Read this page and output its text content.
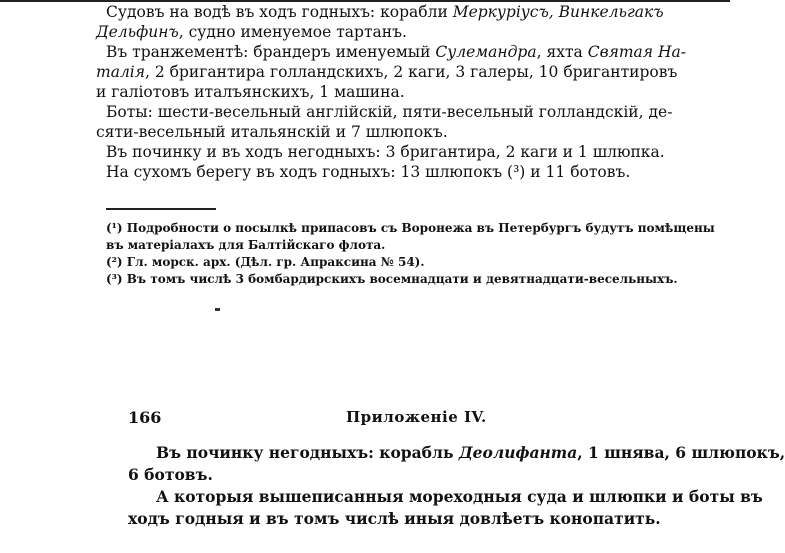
Судовъ на водѣ въ ходъ годныхъ: корабли Меркурiусъ, Винкельгакъ
Дельфинъ, судно именуемое тартанъ.
Въ транжементѣ: брандеръ именуемый Сулемандра, яхта Святая На-
талiя, 2 бригантира голландскихъ, 2 каги, 3 галеры, 10 бригантировъ
и галiотовъ италъянскихъ, 1 машина.
Боты: шести-весельный англiйскiй, пяти-весельный голландскiй, де-
сяти-весельный итальянскiй и 7 шлюпокъ.
Въ починку и въ ходъ негодныхъ: 3 бригантира, 2 каги и 1 шлюпка.
На сухомъ берегу въ ходъ годныхъ: 13 шлюпокъ (³) и 11 ботовъ.
(¹) Подробности о посылкѣ припасовъ съ Воронежа въ Петербургъ будутъ помѣщены
въ матерiалахъ для Балтiйскаго флота.
(²) Гл. морск. арх. (Дѣл. гр. Апраксина № 54).
(³) Въ томъ числѣ 3 бомбардирскихъ восемнадцати и девятнадцати-весельныхъ.
166	Приложенiе IV.
Въ починку негодныхъ: корабль Деолифанта, 1 шнява, 6 шлюпокъ,
6 ботовъ.
А которыя вышеписанныя мореходныя суда и шлюпки и боты въ
ходъ годныя и въ томъ числѣ иныя довлѣетъ конопатить.
